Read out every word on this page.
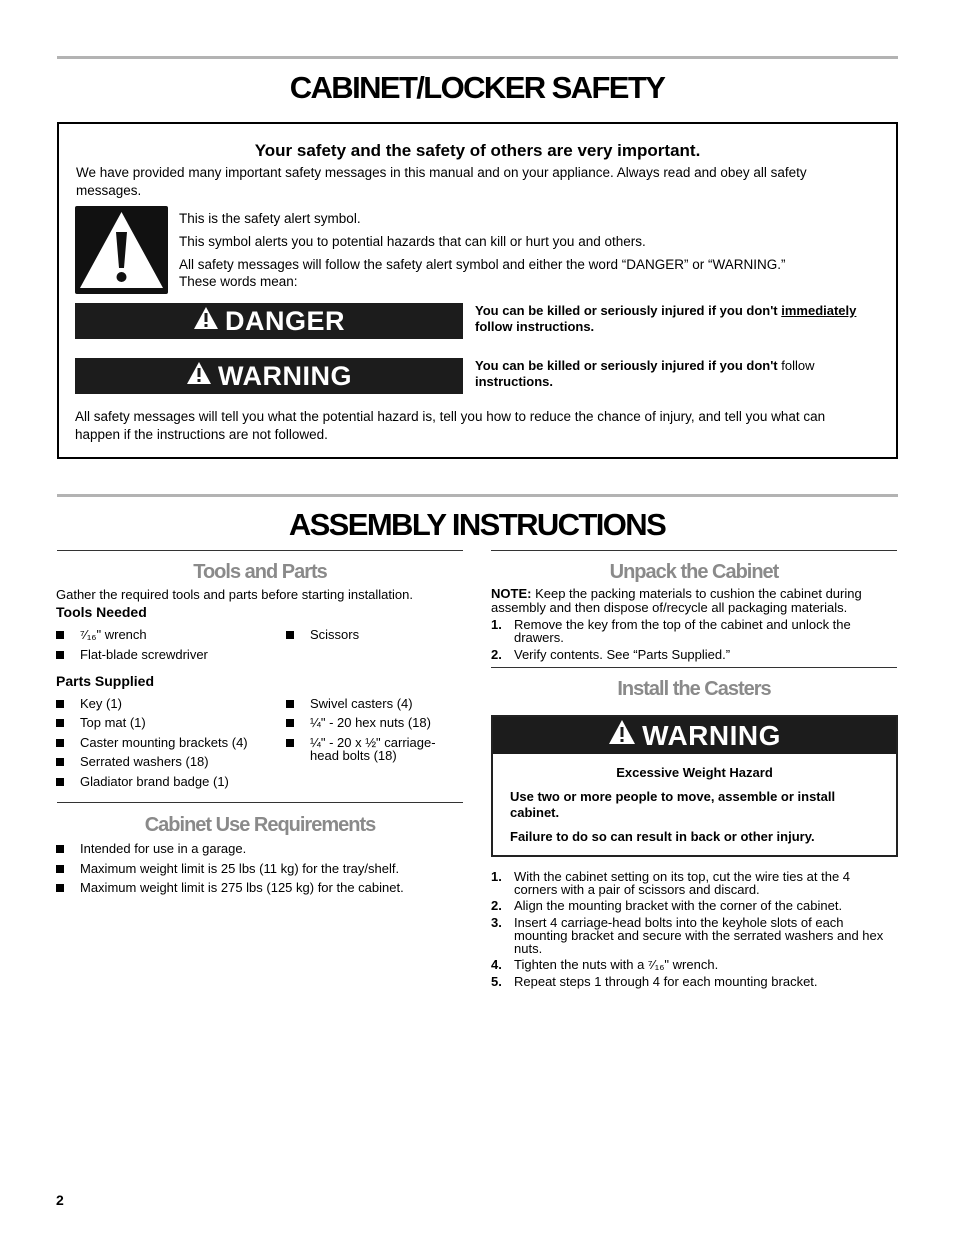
CABINET/LOCKER SAFETY
Your safety and the safety of others are very important.
We have provided many important safety messages in this manual and on your appliance. Always read and obey all safety
messages.
This is the safety alert symbol.
This symbol alerts you to potential hazards that can kill or hurt you and others.
All safety messages will follow the safety alert symbol and either the word “DANGER” or “WARNING.”
These words mean:
DANGER	You can be killed or seriously injured if you don't immediately
follow instructions.
WARNING	You can be killed or seriously injured if you don't follow
instructions.
All safety messages will tell you what the potential hazard is, tell you how to reduce the chance of injury, and tell you what can
happen if the instructions are not followed.
ASSEMBLY INSTRUCTIONS
Tools and Parts
Gather the required tools and parts before starting installation.
Tools Needed
⁷⁄₁₆" wrench
Flat-blade screwdriver
Scissors
Parts Supplied
Key (1)
Top mat (1)
Caster mounting brackets (4)
Serrated washers (18)
Gladiator brand badge (1)
Swivel casters (4)
¼" - 20 hex nuts (18)
¼" - 20 x ½" carriage-
head bolts (18)
Cabinet Use Requirements
Intended for use in a garage.
Maximum weight limit is 25 lbs (11 kg) for the tray/shelf.
Maximum weight limit is 275 lbs (125 kg) for the cabinet.
Unpack the Cabinet
NOTE: Keep the packing materials to cushion the cabinet during
assembly and then dispose of/recycle all packaging materials.
1. Remove the key from the top of the cabinet and unlock the
drawers.
2. Verify contents. See “Parts Supplied.”
Install the Casters
WARNING
Excessive Weight Hazard
Use two or more people to move, assemble or install
cabinet.
Failure to do so can result in back or other injury.
1. With the cabinet setting on its top, cut the wire ties at the 4
corners with a pair of scissors and discard.
2. Align the mounting bracket with the corner of the cabinet.
3. Insert 4 carriage-head bolts into the keyhole slots of each
mounting bracket and secure with the serrated washers and hex
nuts.
4. Tighten the nuts with a ⁷⁄₁₆" wrench.
5. Repeat steps 1 through 4 for each mounting bracket.
2
